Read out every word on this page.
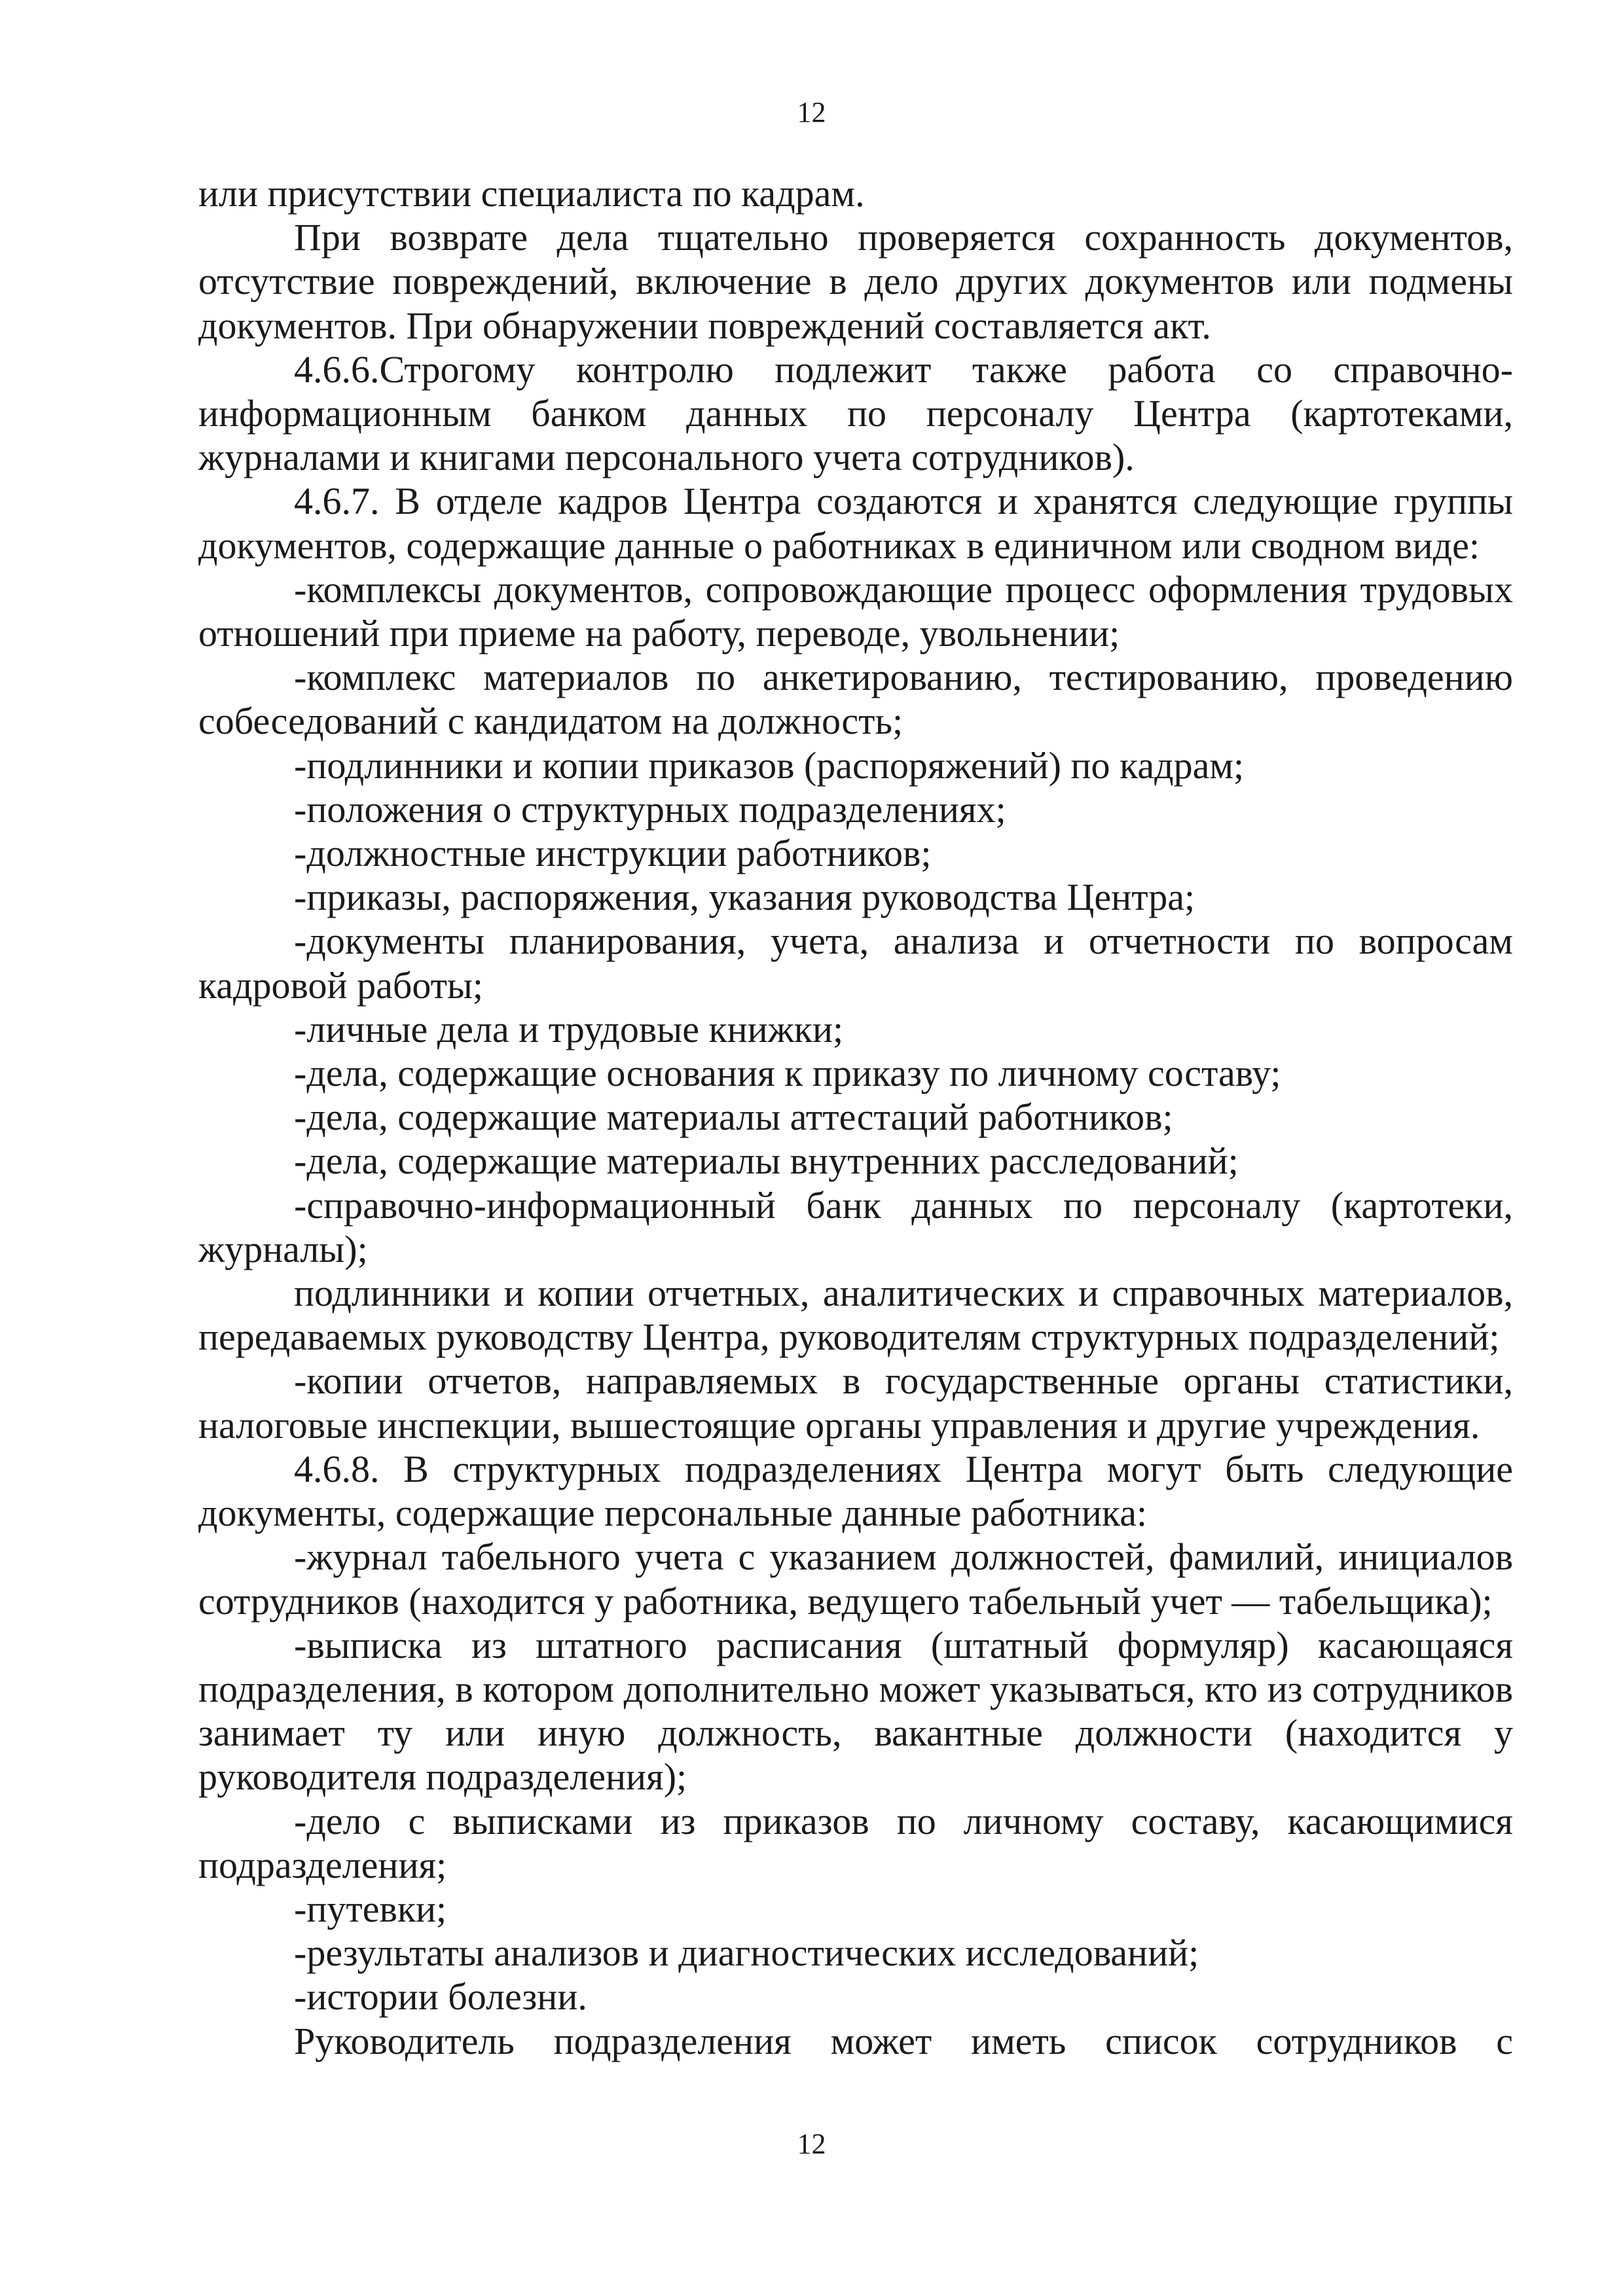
12

или присутствии специалиста по кадрам.

При возврате дела тщательно проверяется сохранность документов, отсутствие повреждений, включение в дело других документов или подмены документов. При обнаружении повреждений составляется акт.

4.6.6.Строгому контролю подлежит также работа со справочно-информационным банком данных по персоналу Центра (картотеками, журналами и книгами персонального учета сотрудников).

4.6.7. В отделе кадров Центра создаются и хранятся следующие группы документов, содержащие данные о работниках в единичном или сводном виде:

-комплексы документов, сопровождающие процесс оформления трудовых отношений при приеме на работу, переводе, увольнении;

-комплекс материалов по анкетированию, тестированию, проведению собеседований с кандидатом на должность;

-подлинники и копии приказов (распоряжений) по кадрам;

-положения о структурных подразделениях;

-должностные инструкции работников;

-приказы, распоряжения, указания руководства Центра;

-документы планирования, учета, анализа и отчетности по вопросам кадровой работы;

-личные дела и трудовые книжки;

-дела, содержащие основания к приказу по личному составу;

-дела, содержащие материалы аттестаций работников;

-дела, содержащие материалы внутренних расследований;

-справочно-информационный банк данных по персоналу (картотеки, журналы);

подлинники и копии отчетных, аналитических и справочных материалов, передаваемых руководству Центра, руководителям структурных подразделений;

-копии отчетов, направляемых в государственные органы статистики, налоговые инспекции, вышестоящие органы управления и другие учреждения.

4.6.8. В структурных подразделениях Центра могут быть следующие документы, содержащие персональные данные работника:

-журнал табельного учета с указанием должностей, фамилий, инициалов сотрудников (находится у работника, ведущего табельный учет — табельщика);

-выписка из штатного расписания (штатный формуляр) касающаяся подразделения, в котором дополнительно может указываться, кто из сотрудников занимает ту или иную должность, вакантные должности (находится у руководителя подразделения);

-дело с выписками из приказов по личному составу, касающимися подразделения;

-путевки;

-результаты анализов и диагностических исследований;

-истории болезни.

Руководитель подразделения может иметь список сотрудников с

12
